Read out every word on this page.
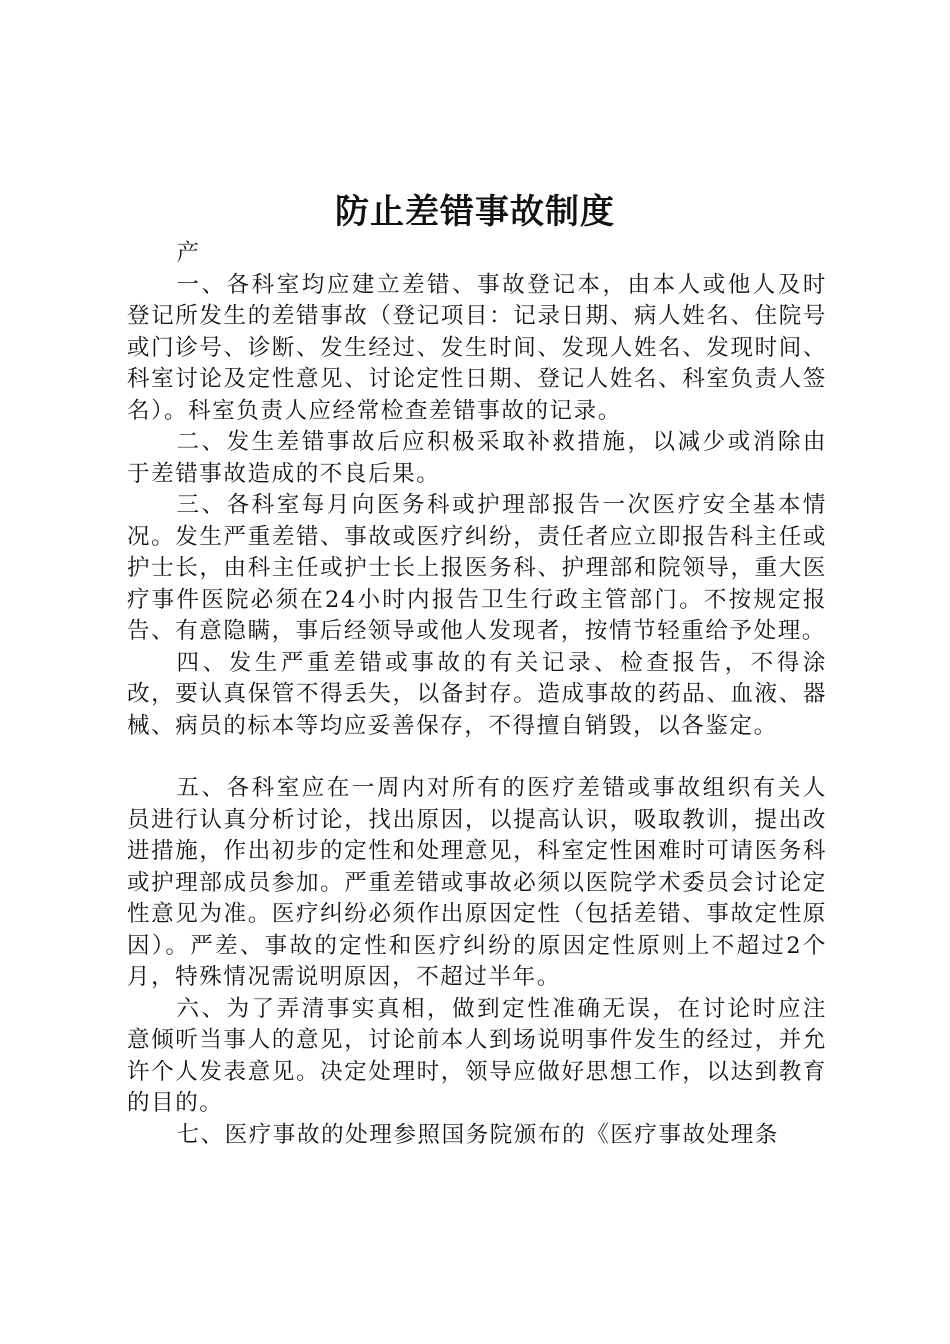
防止差错事故制度

产

一、各科室均应建立差错、事故登记本，由本人或他人及时登记所发生的差错事故（登记项目：记录日期、病人姓名、住院号或门诊号、诊断、发生经过、发生时间、发现人姓名、发现时间、科室讨论及定性意见、讨论定性日期、登记人姓名、科室负责人签名）。科室负责人应经常检查差错事故的记录。

二、发生差错事故后应积极采取补救措施，以减少或消除由于差错事故造成的不良后果。

三、各科室每月向医务科或护理部报告一次医疗安全基本情况。发生严重差错、事故或医疗纠纷，责任者应立即报告科主任或护士长，由科主任或护士长上报医务科、护理部和院领导，重大医疗事件医院必须在24小时内报告卫生行政主管部门。不按规定报告、有意隐瞒，事后经领导或他人发现者，按情节轻重给予处理。

四、发生严重差错或事故的有关记录、检查报告，不得涂改，要认真保管不得丢失，以备封存。造成事故的药品、血液、器械、病员的标本等均应妥善保存，不得擅自销毁，以各鉴定。

五、各科室应在一周内对所有的医疗差错或事故组织有关人员进行认真分析讨论，找出原因，以提高认识，吸取教训，提出改进措施，作出初步的定性和处理意见，科室定性困难时可请医务科或护理部成员参加。严重差错或事故必须以医院学术委员会讨论定性意见为准。医疗纠纷必须作出原因定性（包括差错、事故定性原因）。严差、事故的定性和医疗纠纷的原因定性原则上不超过2个月，特殊情况需说明原因，不超过半年。

六、为了弄清事实真相，做到定性准确无误，在讨论时应注意倾听当事人的意见，讨论前本人到场说明事件发生的经过，并允许个人发表意见。决定处理时，领导应做好思想工作，以达到教育的目的。

七、医疗事故的处理参照国务院颁布的《医疗事故处理条
